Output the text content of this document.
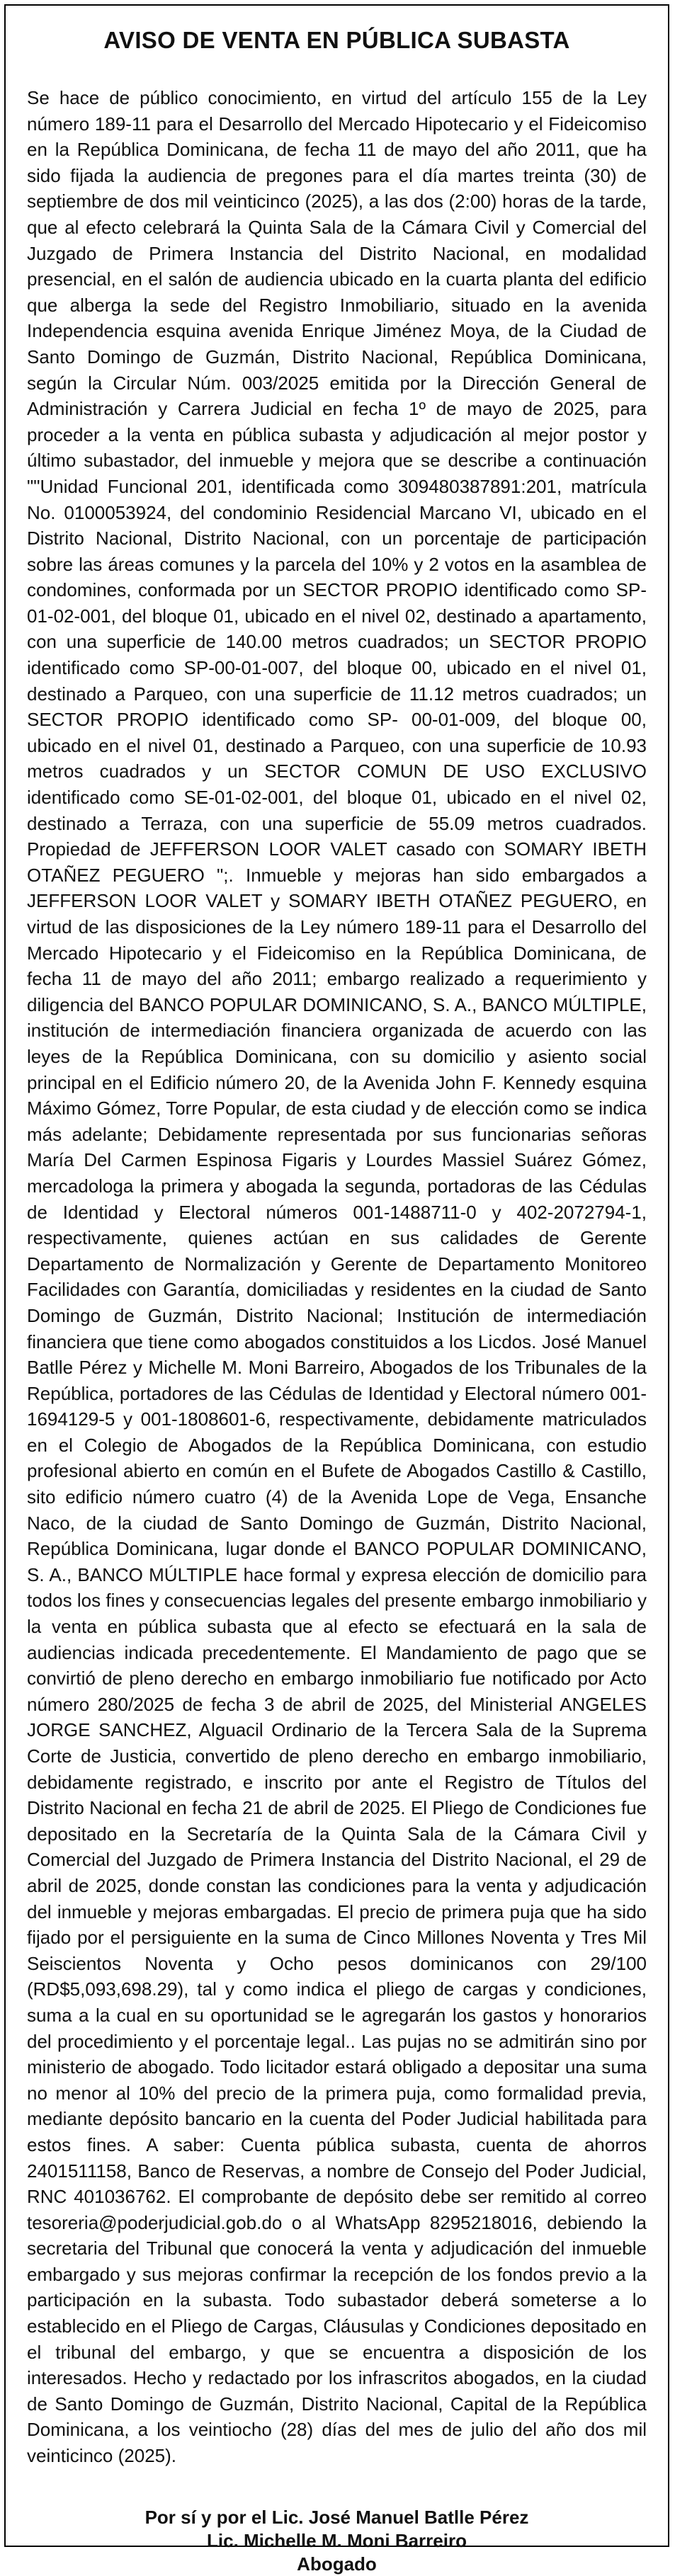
AVISO DE VENTA EN PÚBLICA SUBASTA
Se hace de público conocimiento, en virtud del artículo 155 de la Ley número 189-11 para el Desarrollo del Mercado Hipotecario y el Fideicomiso en la República Dominicana, de fecha 11 de mayo del año 2011, que ha sido fijada la audiencia de pregones para el día martes treinta (30) de septiembre de dos mil veinticinco (2025), a las dos (2:00) horas de la tarde, que al efecto celebrará la Quinta Sala de la Cámara Civil y Comercial del Juzgado de Primera Instancia del Distrito Nacional, en modalidad presencial, en el salón de audiencia ubicado en la cuarta planta del edificio que alberga la sede del Registro Inmobiliario, situado en la avenida Independencia esquina avenida Enrique Jiménez Moya, de la Ciudad de Santo Domingo de Guzmán, Distrito Nacional, República Dominicana, según la Circular Núm. 003/2025 emitida por la Dirección General de Administración y Carrera Judicial en fecha 1º de mayo de 2025, para proceder a la venta en pública subasta y adjudicación al mejor postor y último subastador, del inmueble y mejora que se describe a continuación ""Unidad Funcional 201, identificada como 309480387891:201, matrícula No. 0100053924, del condominio Residencial Marcano VI, ubicado en el Distrito Nacional, Distrito Nacional, con un porcentaje de participación sobre las áreas comunes y la parcela del 10% y 2 votos en la asamblea de condomines, conformada por un SECTOR PROPIO identificado como SP-01-02-001, del bloque 01, ubicado en el nivel 02, destinado a apartamento, con una superficie de 140.00 metros cuadrados; un SECTOR PROPIO identificado como SP-00-01-007, del bloque 00, ubicado en el nivel 01, destinado a Parqueo, con una superficie de 11.12 metros cuadrados; un SECTOR PROPIO identificado como SP- 00-01-009, del bloque 00, ubicado en el nivel 01, destinado a Parqueo, con una superficie de 10.93 metros cuadrados y un SECTOR COMUN DE USO EXCLUSIVO identificado como SE-01-02-001, del bloque 01, ubicado en el nivel 02, destinado a Terraza, con una superficie de 55.09 metros cuadrados. Propiedad de JEFFERSON LOOR VALET casado con SOMARY IBETH OTAÑEZ PEGUERO ";. Inmueble y mejoras han sido embargados a JEFFERSON LOOR VALET y SOMARY IBETH OTAÑEZ PEGUERO, en virtud de las disposiciones de la Ley número 189-11 para el Desarrollo del Mercado Hipotecario y el Fideicomiso en la República Dominicana, de fecha 11 de mayo del año 2011; embargo realizado a requerimiento y diligencia del BANCO POPULAR DOMINICANO, S. A., BANCO MÚLTIPLE, institución de intermediación financiera organizada de acuerdo con las leyes de la República Dominicana, con su domicilio y asiento social principal en el Edificio número 20, de la Avenida John F. Kennedy esquina Máximo Gómez, Torre Popular, de esta ciudad y de elección como se indica más adelante; Debidamente representada por sus funcionarias señoras María Del Carmen Espinosa Figaris y Lourdes Massiel Suárez Gómez, mercadologa la primera y abogada la segunda, portadoras de las Cédulas de Identidad y Electoral números 001-1488711-0 y 402-2072794-1, respectivamente, quienes actúan en sus calidades de Gerente Departamento de Normalización y Gerente de Departamento Monitoreo Facilidades con Garantía, domiciliadas y residentes en la ciudad de Santo Domingo de Guzmán, Distrito Nacional; Institución de intermediación financiera que tiene como abogados constituidos a los Licdos. José Manuel Batlle Pérez y Michelle M. Moni Barreiro, Abogados de los Tribunales de la República, portadores de las Cédulas de Identidad y Electoral número 001-1694129-5 y 001-1808601-6, respectivamente, debidamente matriculados en el Colegio de Abogados de la República Dominicana, con estudio profesional abierto en común en el Bufete de Abogados Castillo & Castillo, sito edificio número cuatro (4) de la Avenida Lope de Vega, Ensanche Naco, de la ciudad de Santo Domingo de Guzmán, Distrito Nacional, República Dominicana, lugar donde el BANCO POPULAR DOMINICANO, S. A., BANCO MÚLTIPLE hace formal y expresa elección de domicilio para todos los fines y consecuencias legales del presente embargo inmobiliario y la venta en pública subasta que al efecto se efectuará en la sala de audiencias indicada precedentemente. El Mandamiento de pago que se convirtió de pleno derecho en embargo inmobiliario fue notificado por Acto número 280/2025 de fecha 3 de abril de 2025, del Ministerial ANGELES JORGE SANCHEZ, Alguacil Ordinario de la Tercera Sala de la Suprema Corte de Justicia, convertido de pleno derecho en embargo inmobiliario, debidamente registrado, e inscrito por ante el Registro de Títulos del Distrito Nacional en fecha 21 de abril de 2025. El Pliego de Condiciones fue depositado en la Secretaría de la Quinta Sala de la Cámara Civil y Comercial del Juzgado de Primera Instancia del Distrito Nacional, el 29 de abril de 2025, donde constan las condiciones para la venta y adjudicación del inmueble y mejoras embargadas. El precio de primera puja que ha sido fijado por el persiguiente en la suma de Cinco Millones Noventa y Tres Mil Seiscientos Noventa y Ocho pesos dominicanos con 29/100 (RD$5,093,698.29), tal y como indica el pliego de cargas y condiciones, suma a la cual en su oportunidad se le agregarán los gastos y honorarios del procedimiento y el porcentaje legal.. Las pujas no se admitirán sino por ministerio de abogado. Todo licitador estará obligado a depositar una suma no menor al 10% del precio de la primera puja, como formalidad previa, mediante depósito bancario en la cuenta del Poder Judicial habilitada para estos fines. A saber: Cuenta pública subasta, cuenta de ahorros 2401511158, Banco de Reservas, a nombre de Consejo del Poder Judicial, RNC 401036762. El comprobante de depósito debe ser remitido al correo tesoreria@poderjudicial.gob.do o al WhatsApp 8295218016, debiendo la secretaria del Tribunal que conocerá la venta y adjudicación del inmueble embargado y sus mejoras confirmar la recepción de los fondos previo a la participación en la subasta. Todo subastador deberá someterse a lo establecido en el Pliego de Cargas, Cláusulas y Condiciones depositado en el tribunal del embargo, y que se encuentra a disposición de los interesados. Hecho y redactado por los infrascritos abogados, en la ciudad de Santo Domingo de Guzmán, Distrito Nacional, Capital de la República Dominicana, a los veintiocho (28) días del mes de julio del año dos mil veinticinco (2025).
Por sí y por el Lic. José Manuel Batlle Pérez
Lic. Michelle M. Moni Barreiro
Abogado
